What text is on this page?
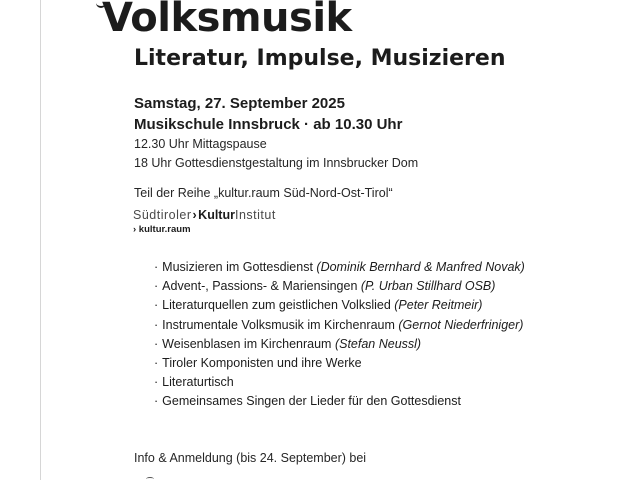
Volksmusik
Literatur, Impulse, Musizieren
Samstag, 27. September 2025
Musikschule Innsbruck · ab 10.30 Uhr
12.30 Uhr Mittagspause
18 Uhr Gottesdienstgestaltung im Innsbrucker Dom
Teil der Reihe „kultur.raum Süd-Nord-Ost-Tirol“
Südtiroler›KulturInstitut
› kultur.raum
· Musizieren im Gottesdienst (Dominik Bernhard & Manfred Novak)
· Advent-, Passions- & Mariensingen (P. Urban Stillhard OSB)
· Literaturquellen zum geistlichen Volkslied (Peter Reitmeir)
· Instrumentale Volksmusik im Kirchenraum (Gernot Niederfriniger)
· Weisenblasen im Kirchenraum (Stefan Neussl)
· Tiroler Komponisten und ihre Werke
· Literaturtisch
· Gemeinsames Singen der Lieder für den Gottesdienst
Info & Anmeldung (bis 24. September) bei
